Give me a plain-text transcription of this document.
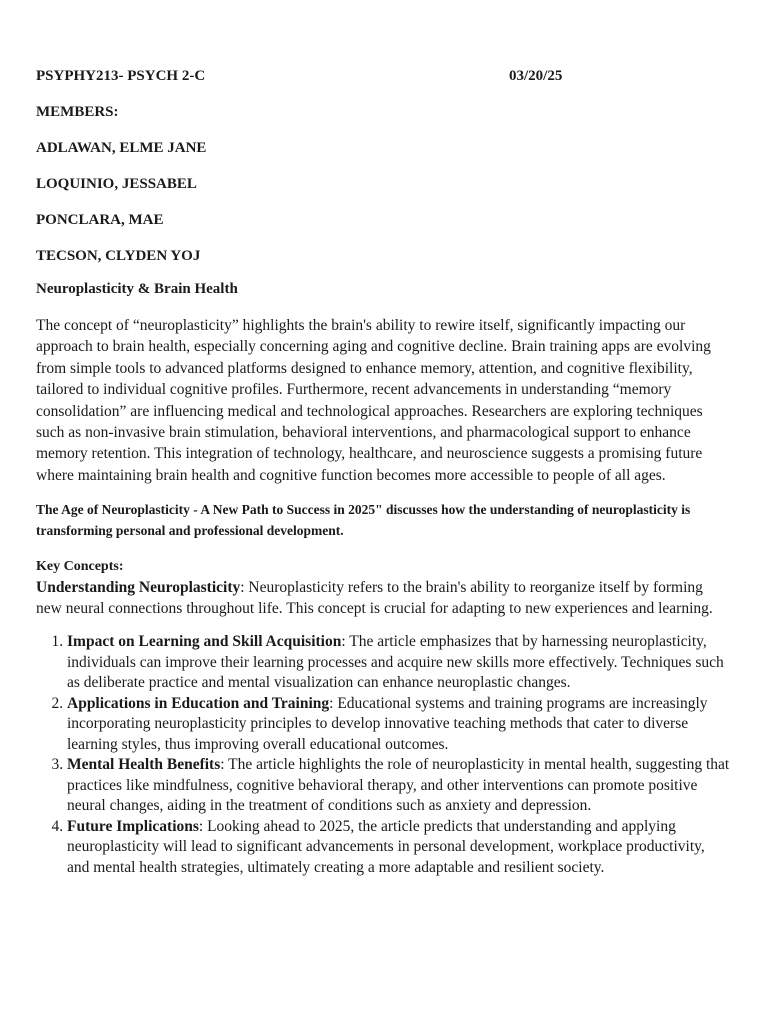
PSYPHY213- PSYCH 2-C	03/20/25
MEMBERS:
ADLAWAN, ELME JANE
LOQUINIO, JESSABEL
PONCLARA, MAE
TECSON, CLYDEN YOJ
Neuroplasticity & Brain Health

The concept of “neuroplasticity” highlights the brain's ability to rewire itself, significantly impacting our approach to brain health, especially concerning aging and cognitive decline. Brain training apps are evolving from simple tools to advanced platforms designed to enhance memory, attention, and cognitive flexibility, tailored to individual cognitive profiles. Furthermore, recent advancements in understanding “memory consolidation” are influencing medical and technological approaches. Researchers are exploring techniques such as non-invasive brain stimulation, behavioral interventions, and pharmacological support to enhance memory retention. This integration of technology, healthcare, and neuroscience suggests a promising future where maintaining brain health and cognitive function becomes more accessible to people of all ages.

The Age of Neuroplasticity - A New Path to Success in 2025" discusses how the understanding of neuroplasticity is transforming personal and professional development.

Key Concepts:
Understanding Neuroplasticity: Neuroplasticity refers to the brain's ability to reorganize itself by forming new neural connections throughout life. This concept is crucial for adapting to new experiences and learning.
1. Impact on Learning and Skill Acquisition: The article emphasizes that by harnessing neuroplasticity, individuals can improve their learning processes and acquire new skills more effectively. Techniques such as deliberate practice and mental visualization can enhance neuroplastic changes.
2. Applications in Education and Training: Educational systems and training programs are increasingly incorporating neuroplasticity principles to develop innovative teaching methods that cater to diverse learning styles, thus improving overall educational outcomes.
3. Mental Health Benefits: The article highlights the role of neuroplasticity in mental health, suggesting that practices like mindfulness, cognitive behavioral therapy, and other interventions can promote positive neural changes, aiding in the treatment of conditions such as anxiety and depression.
4. Future Implications: Looking ahead to 2025, the article predicts that understanding and applying neuroplasticity will lead to significant advancements in personal development, workplace productivity, and mental health strategies, ultimately creating a more adaptable and resilient society.
